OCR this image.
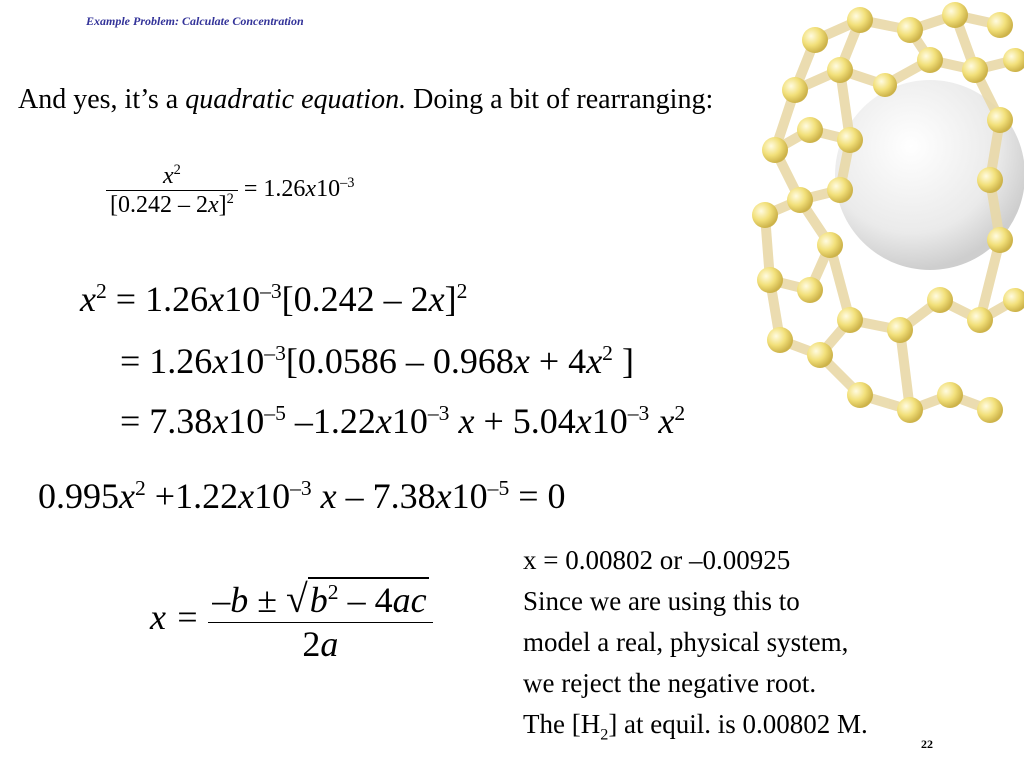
Example Problem: Calculate Concentration
And yes, it’s a quadratic equation. Doing a bit of rearranging:
$\frac{x^2}{[0.242 - 2x]^2} = 1.26x10^{-3}$
$x^2 = 1.26x10^{-3}[0.242 - 2x]^2$
= $1.26x10^{-3}[0.0586 - 0.968x + 4x^2$ ]
= $7.38x10^{-5}$ $-1.22x10^{-3}$ $x + 5.04x10^{-3}$ $x^2$
$0.995x^2 +1.22x10^{-3}$ $x - 7.38x10^{-5} = 0$
$x = \frac{-b \pm √b^2 - 4ac}{2a}$
x = 0.00802 or –0.00925
Since we are using this to
model a real, physical system,
we reject the negative root.
The $[H_2]$ at equil. is 0.00802 M.
22
